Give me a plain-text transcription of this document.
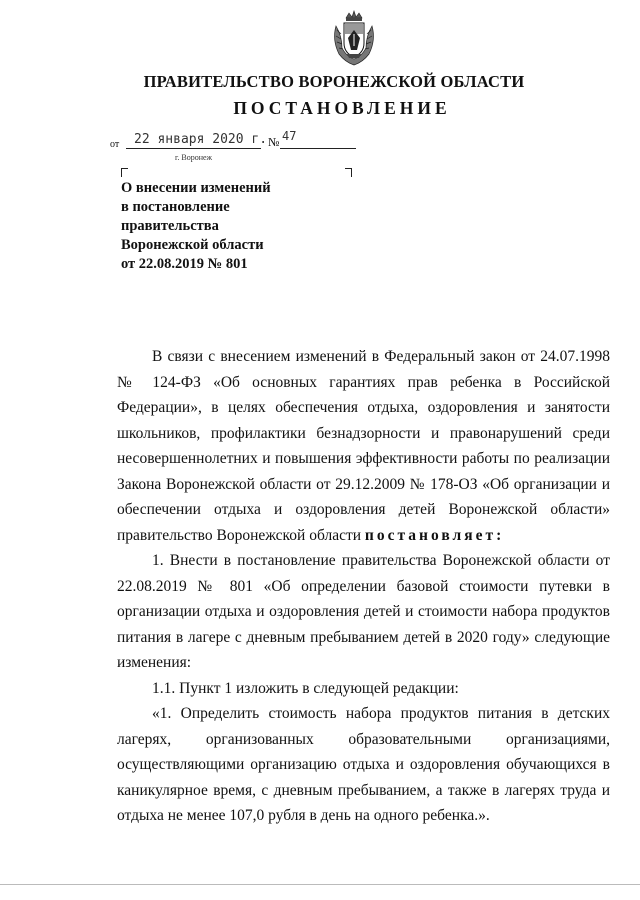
ПРАВИТЕЛЬСТВО ВОРОНЕЖСКОЙ ОБЛАСТИ
ПОСТАНОВЛЕНИЕ
от 22 января 2020 г. № 47
г. Воронеж
О внесении изменений
в постановление
правительства
Воронежской области
от 22.08.2019 № 801

В связи с внесением изменений в Федеральный закон от 24.07.1998 № 124-ФЗ «Об основных гарантиях прав ребенка в Российской Федерации», в целях обеспечения отдыха, оздоровления и занятости школьников, профилактики безнадзорности и правонарушений среди несовершеннолетних и повышения эффективности работы по реализации Закона Воронежской области от 29.12.2009 № 178-ОЗ «Об организации и обеспечении отдыха и оздоровления детей Воронежской области» правительство Воронежской области постановляет:

1. Внести в постановление правительства Воронежской области от 22.08.2019 № 801 «Об определении базовой стоимости путевки в организации отдыха и оздоровления детей и стоимости набора продуктов питания в лагере с дневным пребыванием детей в 2020 году» следующие изменения:

1.1. Пункт 1 изложить в следующей редакции:

«1. Определить стоимость набора продуктов питания в детских лагерях, организованных образовательными организациями, осуществляющими организацию отдыха и оздоровления обучающихся в каникулярное время, с дневным пребыванием, а также в лагерях труда и отдыха не менее 107,0 рубля в день на одного ребенка.».
